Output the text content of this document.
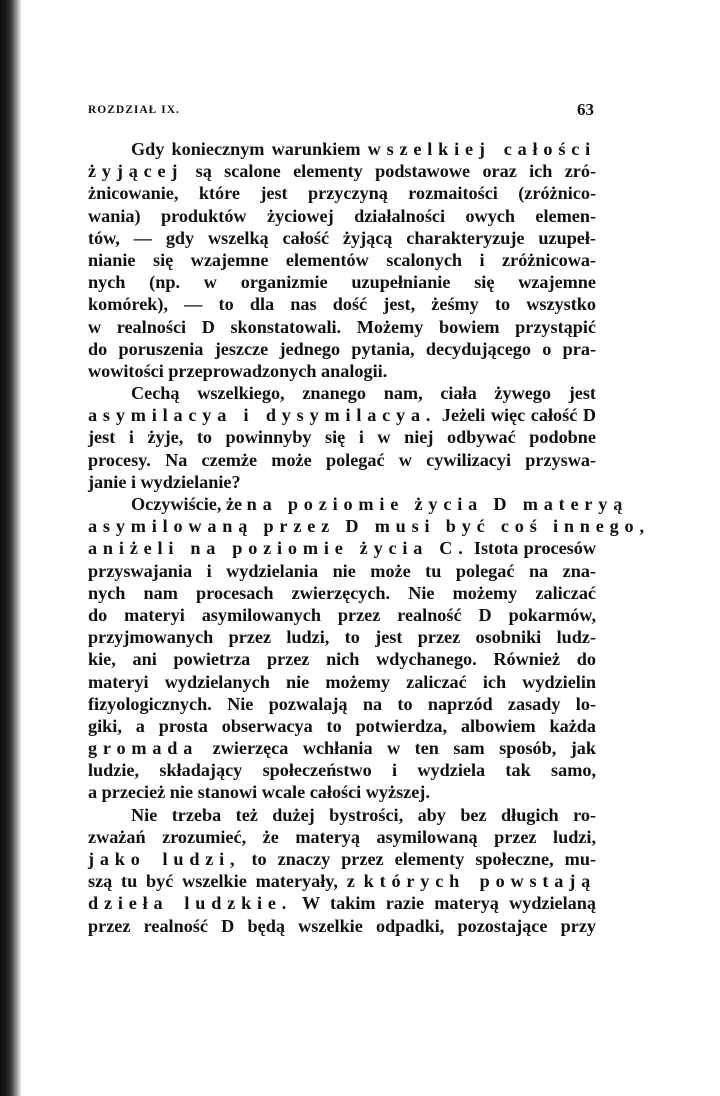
ROZDZIAŁ IX.	63
Gdy koniecznym warunkiem wszelkiej całości
żyjącej są scalone elementy podstawowe oraz ich zró-
żnicowanie, które jest przyczyną rozmaitości (zróżnico-
wania) produktów życiowej działalności owych elemen-
tów, — gdy wszelką całość żyjącą charakteryzuje uzupeł-
nianie się wzajemne elementów scalonych i zróżnicowa-
nych (np. w organizmie uzupełnianie się wzajemne
komórek), — to dla nas dość jest, żeśmy to wszystko
w realności D skonstatowali. Możemy bowiem przystąpić
do poruszenia jeszcze jednego pytania, decydującego o pra-
wowitości przeprowadzonych analogii.
Cechą wszelkiego, znanego nam, ciała żywego jest
asymilacya i dysymilacya. Jeżeli więc całość D
jest i żyje, to powinnyby się i w niej odbywać podobne
procesy. Na czemże może polegać w cywilizacyi przyswa-
janie i wydzielanie?
Oczywiście, że na poziomie życia D materyą
asymilowaną przez D musi być coś innego,
aniżeli na poziomie życia C. Istota procesów
przyswajania i wydzielania nie może tu polegać na zna-
nych nam procesach zwierzęcych. Nie możemy zaliczać
do materyi asymilowanych przez realność D pokarmów,
przyjmowanych przez ludzi, to jest przez osobniki ludz-
kie, ani powietrza przez nich wdychanego. Również do
materyi wydzielanych nie możemy zaliczać ich wydzielin
fizyologicznych. Nie pozwalają na to naprzód zasady lo-
giki, a prosta obserwacya to potwierdza, albowiem każda
gromada zwierzęca wchłania w ten sam sposób, jak
ludzie, składający społeczeństwo i wydziela tak samo,
a przecież nie stanowi wcale całości wyższej.
Nie trzeba też dużej bystrości, aby bez długich ro-
zważań zrozumieć, że materyą asymilowaną przez ludzi,
jako ludzi, to znaczy przez elementy społeczne, mu-
szą tu być wszelkie materyały, z których powstają
dzieła ludzkie. W takim razie materyą wydzielaną
przez realność D będą wszelkie odpadki, pozostające przy
